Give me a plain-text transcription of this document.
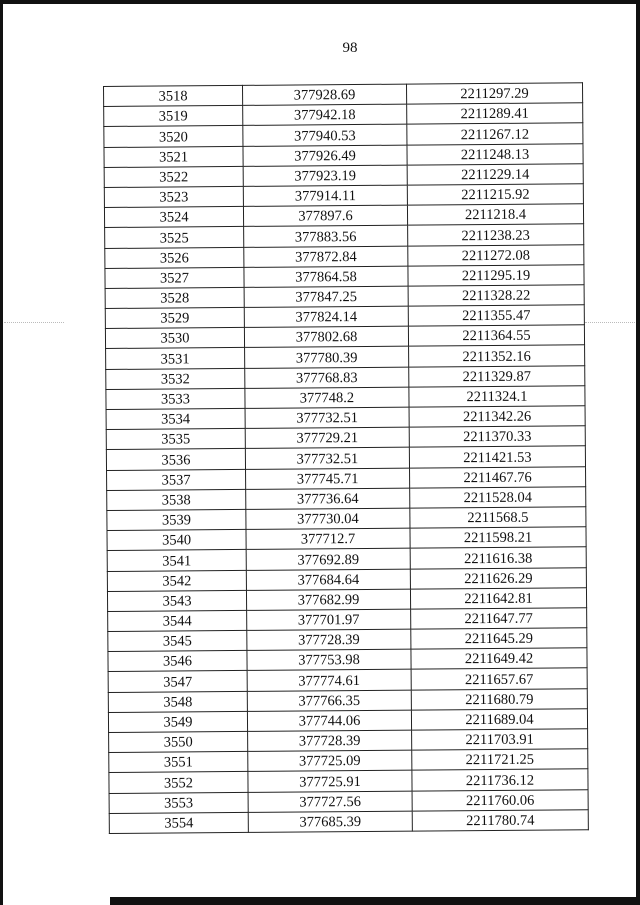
98
3518	377928.69	2211297.29
3519	377942.18	2211289.41
3520	377940.53	2211267.12
3521	377926.49	2211248.13
3522	377923.19	2211229.14
3523	377914.11	2211215.92
3524	377897.6	2211218.4
3525	377883.56	2211238.23
3526	377872.84	2211272.08
3527	377864.58	2211295.19
3528	377847.25	2211328.22
3529	377824.14	2211355.47
3530	377802.68	2211364.55
3531	377780.39	2211352.16
3532	377768.83	2211329.87
3533	377748.2	2211324.1
3534	377732.51	2211342.26
3535	377729.21	2211370.33
3536	377732.51	2211421.53
3537	377745.71	2211467.76
3538	377736.64	2211528.04
3539	377730.04	2211568.5
3540	377712.7	2211598.21
3541	377692.89	2211616.38
3542	377684.64	2211626.29
3543	377682.99	2211642.81
3544	377701.97	2211647.77
3545	377728.39	2211645.29
3546	377753.98	2211649.42
3547	377774.61	2211657.67
3548	377766.35	2211680.79
3549	377744.06	2211689.04
3550	377728.39	2211703.91
3551	377725.09	2211721.25
3552	377725.91	2211736.12
3553	377727.56	2211760.06
3554	377685.39	2211780.74
